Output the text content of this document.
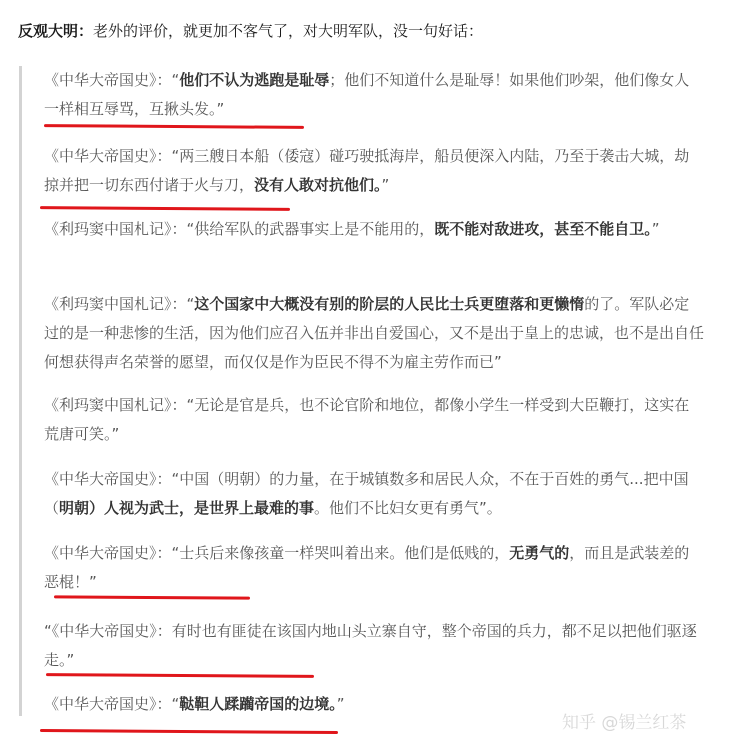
反观大明：老外的评价，就更加不客气了，对大明军队，没一句好话：
《中华大帝国史》：“他们不认为逃跑是耻辱；他们不知道什么是耻辱！如果他们吵架，他们像女人一样相互辱骂，互揪头发。”
《中华大帝国史》：“两三艘日本船（倭寇）碰巧驶抵海岸，船员便深入内陆，乃至于袭击大城，劫掠并把一切东西付诸于火与刀，没有人敢对抗他们。”
《利玛窦中国札记》：“供给军队的武器事实上是不能用的，既不能对敌进攻，甚至不能自卫。”
《利玛窦中国札记》：“这个国家中大概没有别的阶层的人民比士兵更堕落和更懒惰的了。军队必定过的是一种悲惨的生活，因为他们应召入伍并非出自爱国心，又不是出于皇上的忠诚，也不是出自任何想获得声名荣誉的愿望，而仅仅是作为臣民不得不为雇主劳作而已”
《利玛窦中国札记》：“无论是官是兵，也不论官阶和地位，都像小学生一样受到大臣鞭打，这实在荒唐可笑。”
《中华大帝国史》：“中国（明朝）的力量，在于城镇数多和居民人众，不在于百姓的勇气...把中国（明朝）人视为武士，是世界上最难的事。他们不比妇女更有勇气”。
《中华大帝国史》：“士兵后来像孩童一样哭叫着出来。他们是低贱的，无勇气的，而且是武装差的恶棍！”
“《中华大帝国史》：有时也有匪徒在该国内地山头立寨自守，整个帝国的兵力，都不足以把他们驱逐走。”
《中华大帝国史》：“鞑靼人蹂躏帝国的边境。”
知乎 @锡兰红茶
